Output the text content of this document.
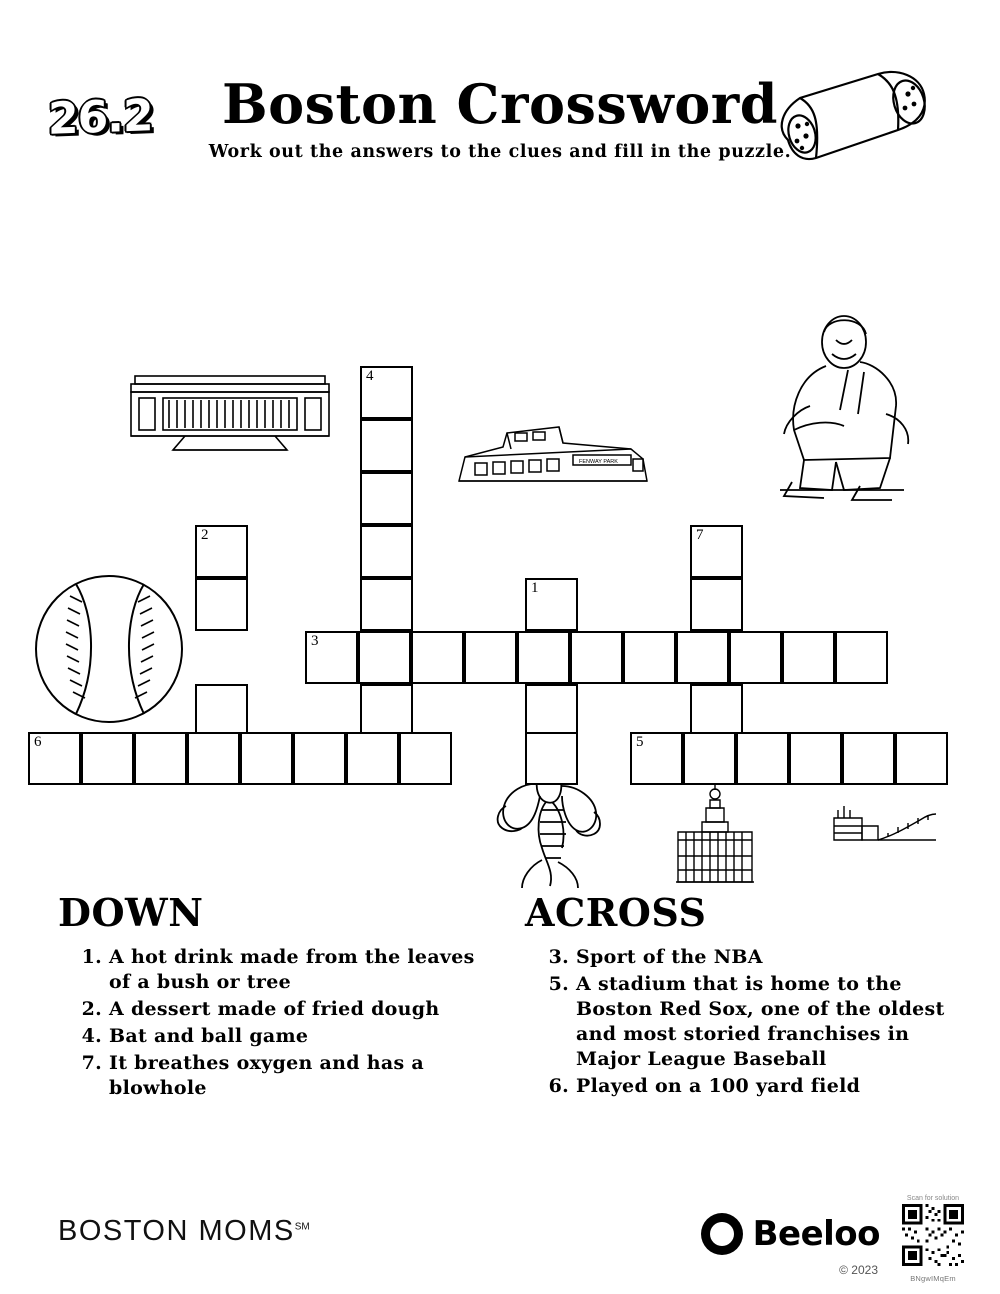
26.2	Boston Crossword
Work out the answers to the clues and fill in the puzzle.
FENWAY PARK
4
2	7
1
3
6	5
DOWN
1. A hot drink made from the leaves of a bush or tree
2. A dessert made of fried dough
4. Bat and ball game
7. It breathes oxygen and has a blowhole
ACROSS
3. Sport of the NBA
5. A stadium that is home to the Boston Red Sox, one of the oldest and most storied franchises in Major League Baseball
6. Played on a 100 yard field
BOSTON MOMS℠	Beeloo
© 2023
Scan for solution
BNgwIMqEm
